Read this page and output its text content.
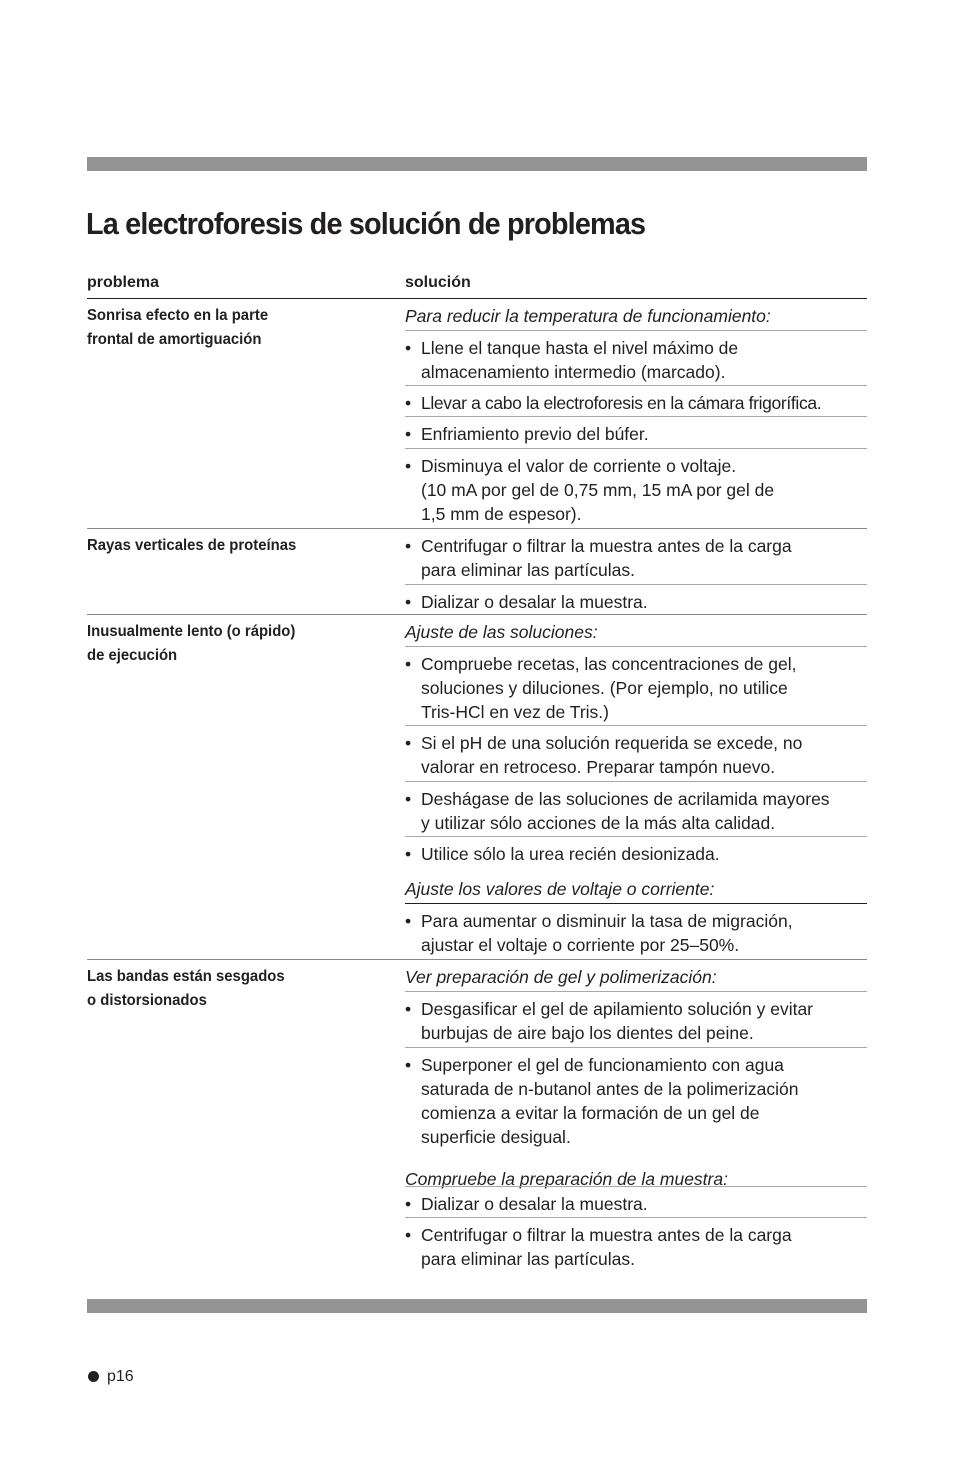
La electroforesis de solución de problemas
problema	solución
Sonrisa efecto en la parte
frontal de amortiguación
Para reducir la temperatura de funcionamiento:
• Llene el tanque hasta el nivel máximo de
almacenamiento intermedio (marcado).
• Llevar a cabo la electroforesis en la cámara frigorífica.
• Enfriamiento previo del búfer.
• Disminuya el valor de corriente o voltaje.
(10 mA por gel de 0,75 mm, 15 mA por gel de
1,5 mm de espesor).
Rayas verticales de proteínas
•	Centrifugar o filtrar la muestra antes de la carga
para eliminar las partículas.
• Dializar o desalar la muestra.
Inusualmente lento (o rápido)
de ejecución
Ajuste de las soluciones:
• Compruebe recetas, las concentraciones de gel,
soluciones y diluciones. (Por ejemplo, no utilice
Tris-HCl en vez de Tris.)
• Si el pH de una solución requerida se excede, no
valorar en retroceso. Preparar tampón nuevo.
• Deshágase de las soluciones de acrilamida mayores
y utilizar sólo acciones de la más alta calidad.
• Utilice sólo la urea recién desionizada.
Ajuste los valores de voltaje o corriente:
• Para aumentar o disminuir la tasa de migración,
ajustar el voltaje o corriente por 25–50%.
Las bandas están sesgados
o distorsionados
Ver preparación de gel y polimerización:
• Desgasificar el gel de apilamiento solución y evitar
burbujas de aire bajo los dientes del peine.
• Superponer el gel de funcionamiento con agua
saturada de n-butanol antes de la polimerización
comienza a evitar la formación de un gel de
superficie desigual.
Compruebe la preparación de la muestra:
• Dializar o desalar la muestra.
• Centrifugar o filtrar la muestra antes de la carga
para eliminar las partículas.
p16
